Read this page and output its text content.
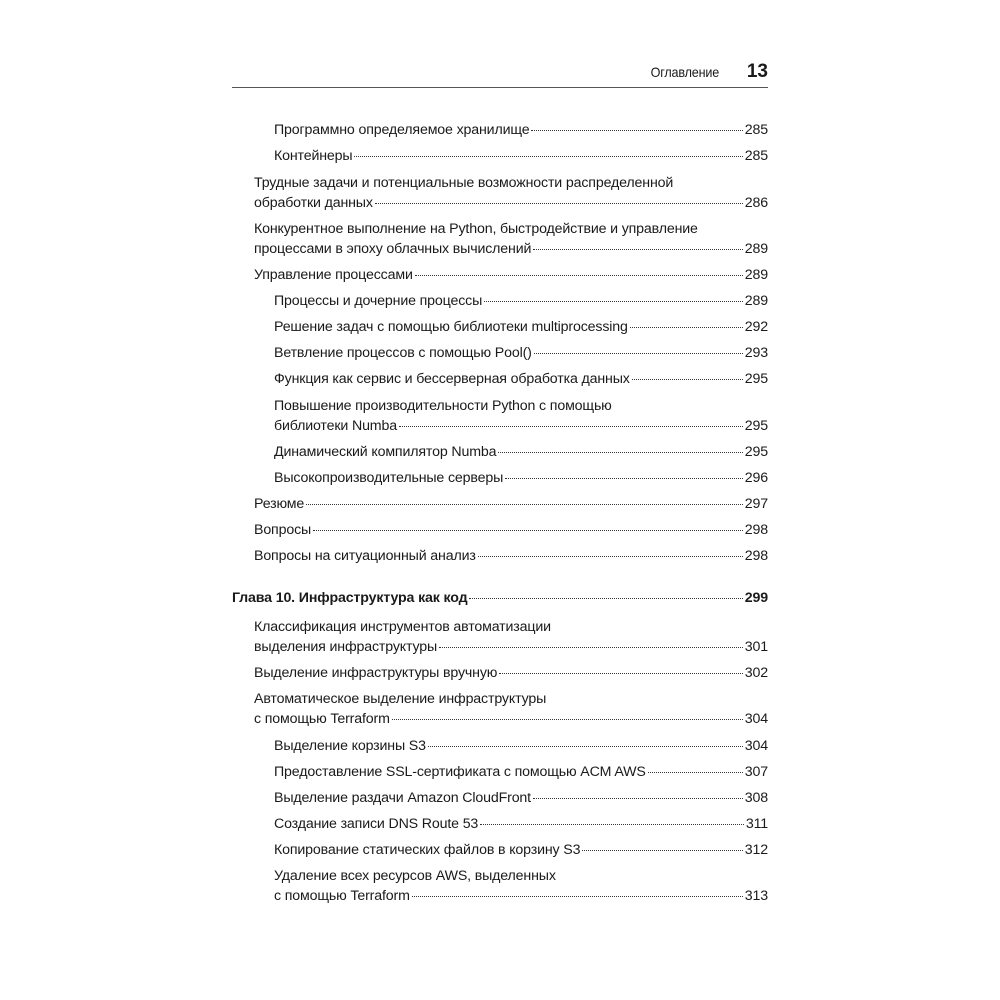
Оглавление 13
Программно определяемое хранилище	285
Контейнеры	285
Трудные задачи и потенциальные возможности распределенной
обработки данных	286
Конкурентное выполнение на Python, быстродействие и управление
процессами в эпоху облачных вычислений	289
Управление процессами	289
Процессы и дочерние процессы	289
Решение задач с помощью библиотеки multiprocessing	292
Ветвление процессов с помощью Pool()	293
Функция как сервис и бессерверная обработка данных	295
Повышение производительности Python с помощью
библиотеки Numba	295
Динамический компилятор Numba	295
Высокопроизводительные серверы	296
Резюме	297
Вопросы	298
Вопросы на ситуационный анализ	298
Глава 10. Инфраструктура как код	299
Классификация инструментов автоматизации
выделения инфраструктуры	301
Выделение инфраструктуры вручную	302
Автоматическое выделение инфраструктуры
с помощью Terraform	304
Выделение корзины S3	304
Предоставление SSL-сертификата с помощью ACM AWS	307
Выделение раздачи Amazon CloudFront	308
Создание записи DNS Route 53	311
Копирование статических файлов в корзину S3	312
Удаление всех ресурсов AWS, выделенных
с помощью Terraform	313
